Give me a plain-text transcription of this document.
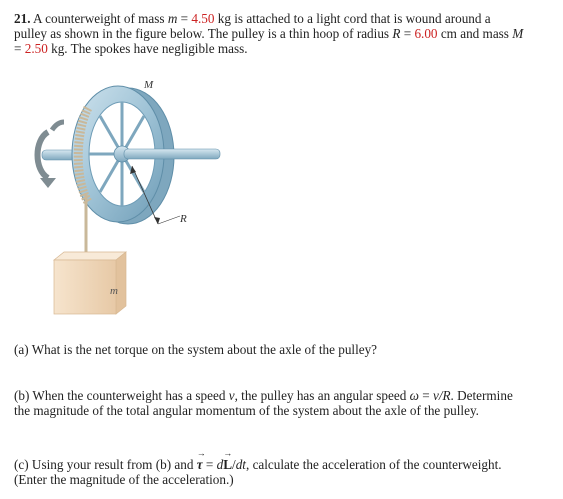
21. A counterweight of mass m = 4.50 kg is attached to a light cord that is wound around a
pulley as shown in the figure below. The pulley is a thin hoop of radius R = 6.00 cm and mass M
= 2.50 kg. The spokes have negligible mass.
R
m
M
(a) What is the net torque on the system about the axle of the pulley?
(b) When the counterweight has a speed v, the pulley has an angular speed ω = v/R. Determine
the magnitude of the total angular momentum of the system about the axle of the pulley.
(c) Using your result from (b) and
→
τ = d
→
L/dt, calculate the acceleration of the counterweight.
(Enter the magnitude of the acceleration.)
